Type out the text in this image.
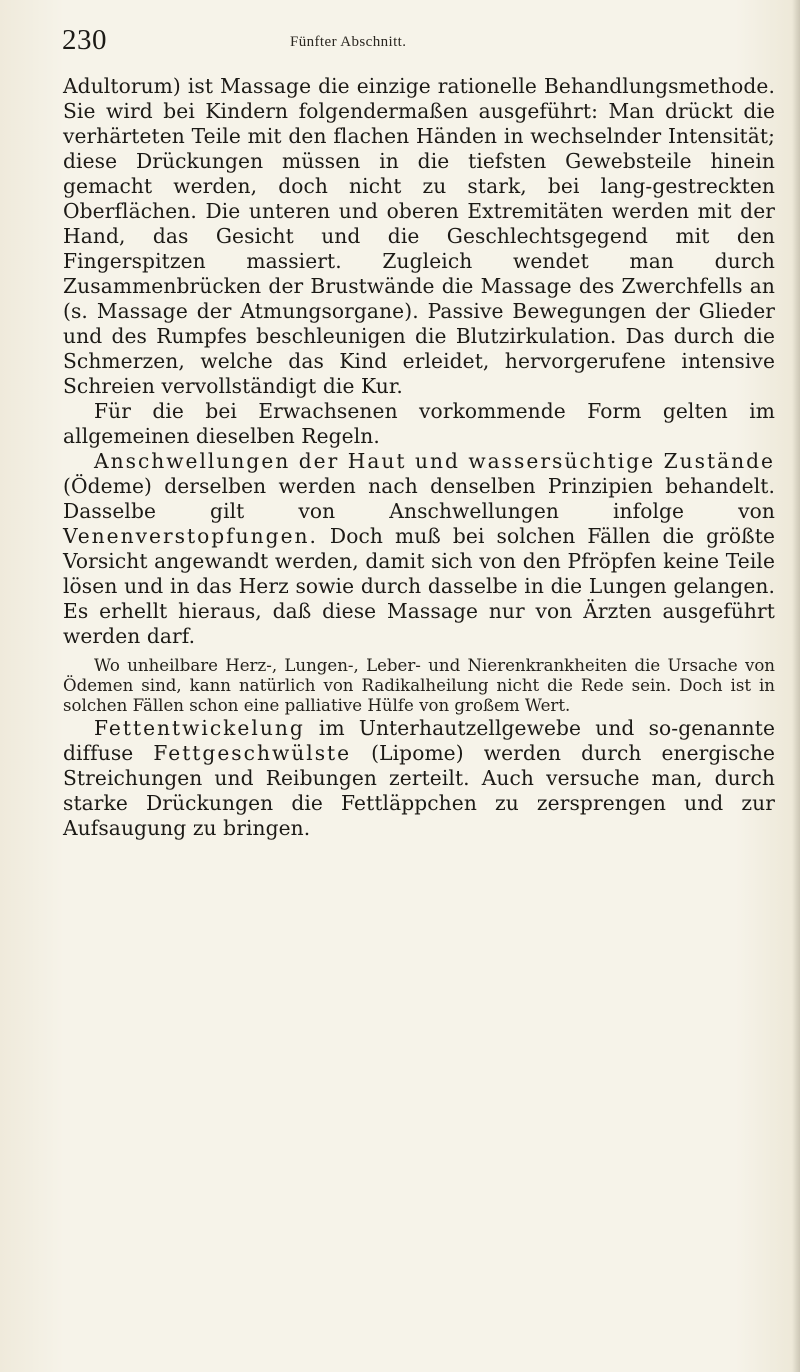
230	Fünfter Abschnitt.

Adultorum) ist Massage die einzige rationelle Behandlungsmethode. Sie wird bei Kindern folgendermaßen ausgeführt: Man drückt die verhärteten Teile mit den flachen Händen in wechselnder Intensität; diese Drückungen müssen in die tiefsten Gewebsteile hinein gemacht werden, doch nicht zu stark, bei lang-gestreckten Oberflächen. Die unteren und oberen Extremitäten werden mit der Hand, das Gesicht und die Geschlechtsgegend mit den Fingerspitzen massiert. Zugleich wendet man durch Zusammenbrücken der Brustwände die Massage des Zwerchfells an (s. Massage der Atmungsorgane). Passive Bewegungen der Glieder und des Rumpfes beschleunigen die Blutzirkulation. Das durch die Schmerzen, welche das Kind erleidet, hervorgerufene intensive Schreien vervollständigt die Kur.

Für die bei Erwachsenen vorkommende Form gelten im allgemeinen dieselben Regeln.

Anschwellungen der Haut und wassersüchtige Zustände (Ödeme) derselben werden nach denselben Prinzipien behandelt. Dasselbe gilt von Anschwellungen infolge von Venenverstopfungen. Doch muß bei solchen Fällen die größte Vorsicht angewandt werden, damit sich von den Pfröpfen keine Teile lösen und in das Herz sowie durch dasselbe in die Lungen gelangen. Es erhellt hieraus, daß diese Massage nur von Ärzten ausgeführt werden darf.

Wo unheilbare Herz-, Lungen-, Leber- und Nierenkrankheiten die Ursache von Ödemen sind, kann natürlich von Radikalheilung nicht die Rede sein. Doch ist in solchen Fällen schon eine palliative Hülfe von großem Wert.

Fettentwickelung im Unterhautzellgewebe und so-genannte diffuse Fettgeschwülste (Lipome) werden durch energische Streichungen und Reibungen zerteilt. Auch versuche man, durch starke Drückungen die Fettläppchen zu zersprengen und zur Aufsaugung zu bringen.
